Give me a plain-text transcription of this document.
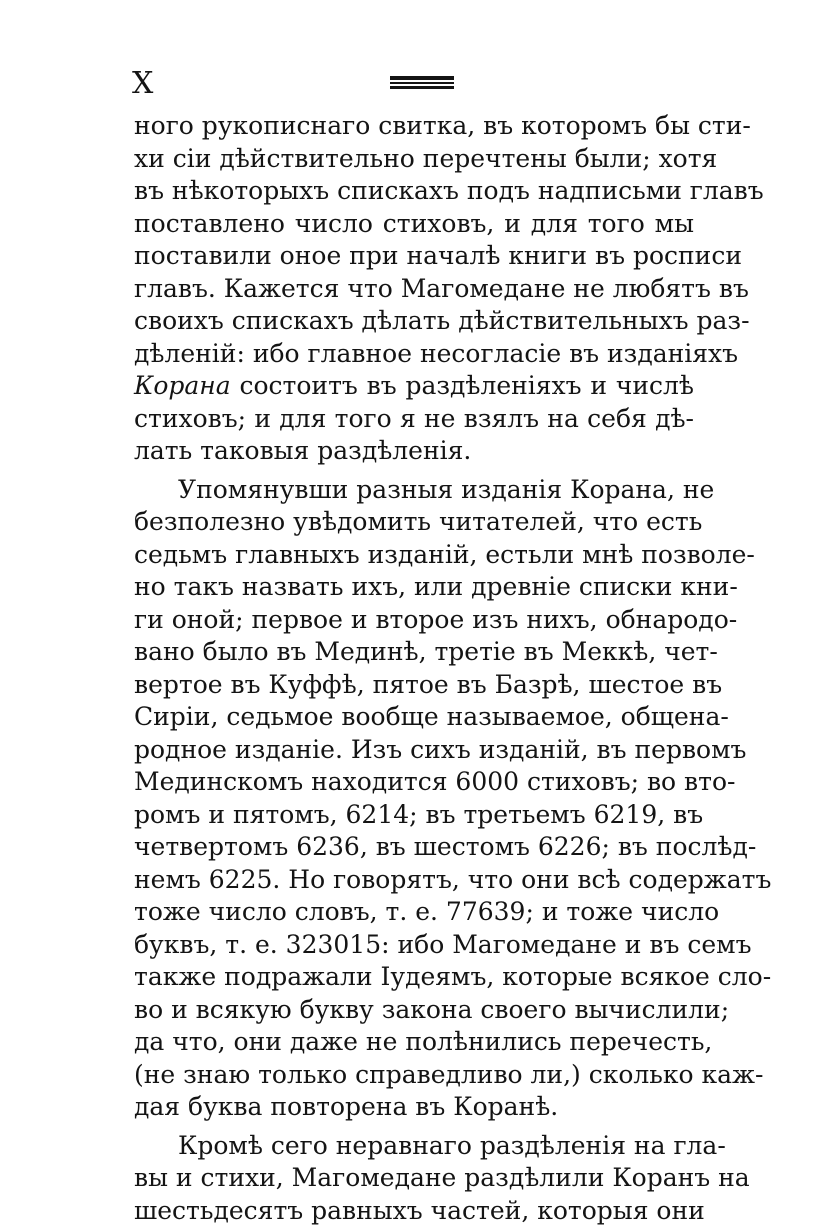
X
ного рукописнаго свитка, въ которомъ бы сти-
хи сіи дѣйствительно перечтены были; хотя
въ нѣкоторыхъ спискахъ подъ надписьми главъ
поставлено число стиховъ, и для того мы
поставили оное при началѣ книги въ росписи
главъ. Кажется что Магомедане не любятъ въ
своихъ спискахъ дѣлать дѣйствительныхъ раз-
дѣленій: ибо главное несогласіе въ изданіяхъ
Корана состоитъ въ раздѣленіяхъ и числѣ
стиховъ; и для того я не взялъ на себя дѣ-
лать таковыя раздѣленія.
Упомянувши разныя изданія Корана, не
безполезно увѣдомить читателей, что есть
седьмъ главныхъ изданій, естьли мнѣ позволе-
но такъ назвать ихъ, или древніе списки кни-
ги оной; первое и второе изъ нихъ, обнародо-
вано было въ Мединѣ, третіе въ Меккѣ, чет-
вертое въ Куффѣ, пятое въ Базрѣ, шестое въ
Сиріи, седьмое вообще называемое, общена-
родное изданіе. Изъ сихъ изданій, въ первомъ
Мединскомъ находится 6000 стиховъ; во вто-
ромъ и пятомъ, 6214; въ третьемъ 6219, въ
четвертомъ 6236, въ шестомъ 6226; въ послѣд-
немъ 6225. Но говорятъ, что они всѣ содержатъ
тоже число словъ, т. е. 77639; и тоже число
буквъ, т. е. 323015: ибо Магомедане и въ семъ
также подражали Іудеямъ, которые всякое сло-
во и всякую букву закона своего вычислили;
да что, они даже не полѣнились перечесть,
(не знаю только справедливо ли,) сколько каж-
дая буква повторена въ Коранѣ.
Кромѣ сего неравнаго раздѣленія на гла-
вы и стихи, Магомедане раздѣлили Коранъ на
шестьдесятъ равныхъ частей, которыя они
